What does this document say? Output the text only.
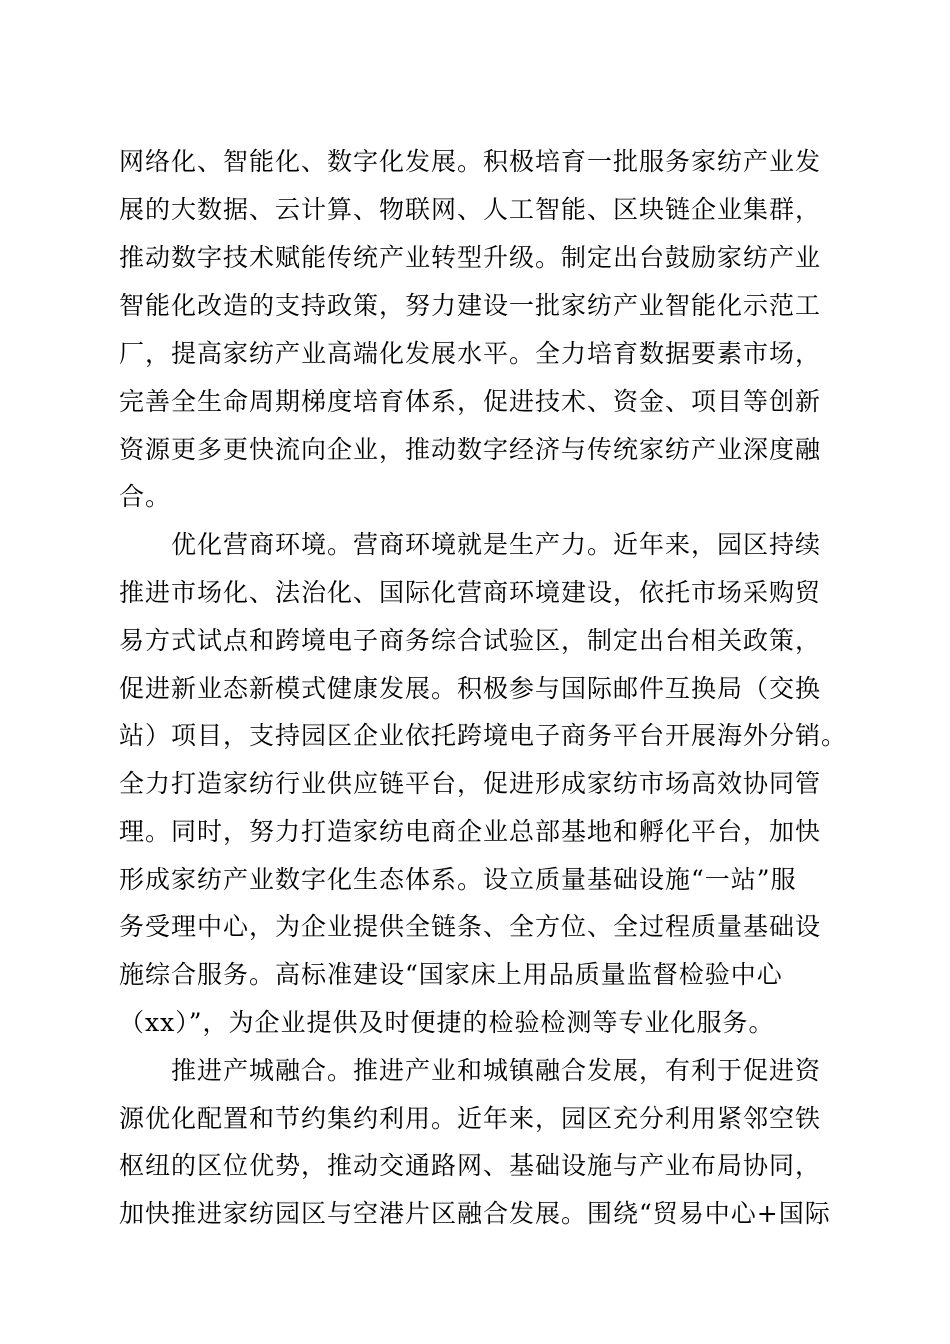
网络化、智能化、数字化发展。积极培育一批服务家纺产业发
展的大数据、云计算、物联网、人工智能、区块链企业集群，
推动数字技术赋能传统产业转型升级。制定出台鼓励家纺产业
智能化改造的支持政策，努力建设一批家纺产业智能化示范工
厂，提高家纺产业高端化发展水平。全力培育数据要素市场，
完善全生命周期梯度培育体系，促进技术、资金、项目等创新
资源更多更快流向企业，推动数字经济与传统家纺产业深度融
合。
优化营商环境。营商环境就是生产力。近年来，园区持续
推进市场化、法治化、国际化营商环境建设，依托市场采购贸
易方式试点和跨境电子商务综合试验区，制定出台相关政策，
促进新业态新模式健康发展。积极参与国际邮件互换局（交换
站）项目，支持园区企业依托跨境电子商务平台开展海外分销。
全力打造家纺行业供应链平台，促进形成家纺市场高效协同管
理。同时，努力打造家纺电商企业总部基地和孵化平台，加快
形成家纺产业数字化生态体系。设立质量基础设施“一站”服
务受理中心，为企业提供全链条、全方位、全过程质量基础设
施综合服务。高标准建设“国家床上用品质量监督检验中心
（xx）”，为企业提供及时便捷的检验检测等专业化服务。
推进产城融合。推进产业和城镇融合发展，有利于促进资
源优化配置和节约集约利用。近年来，园区充分利用紧邻空铁
枢纽的区位优势，推动交通路网、基础设施与产业布局协同，
加快推进家纺园区与空港片区融合发展。围绕“贸易中心+国际
